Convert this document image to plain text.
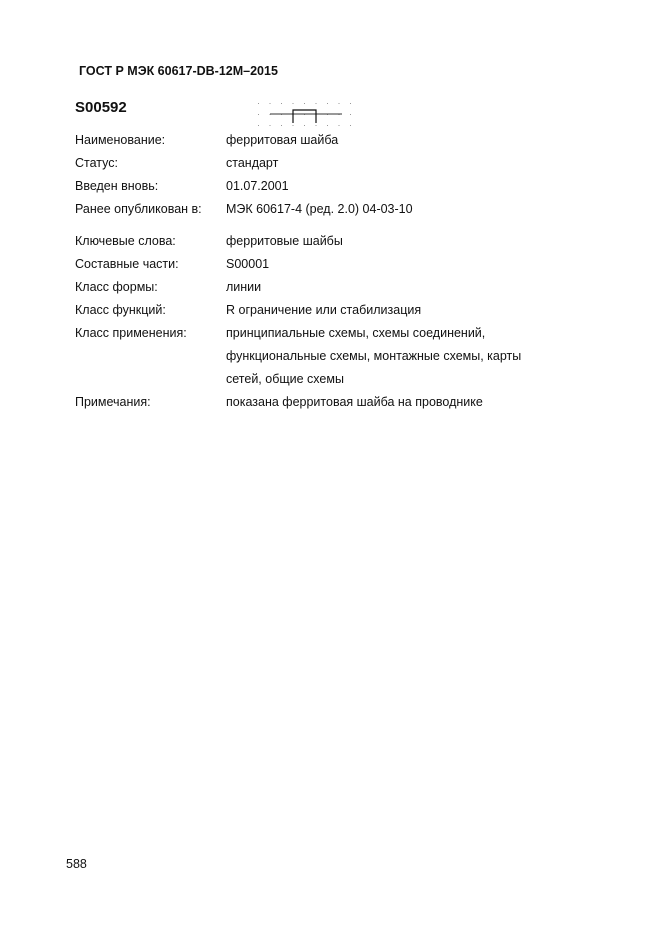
ГОСТ Р МЭК 60617-DB-12M–2015
S00592
Наименование:	ферритовая шайба
Статус:	стандарт
Введен вновь:	01.07.2001
Ранее опубликован в: МЭК 60617-4 (ред. 2.0) 04-03-10
Ключевые слова:	ферритовые шайбы
Составные части:	S00001
Класс формы:	линии
Класс функций:	R ограничение или стабилизация
Класс применения:	принципиальные схемы, схемы соединений,
функциональные схемы, монтажные схемы, карты
сетей, общие схемы
Примечания:	показана ферритовая шайба на проводнике
588
